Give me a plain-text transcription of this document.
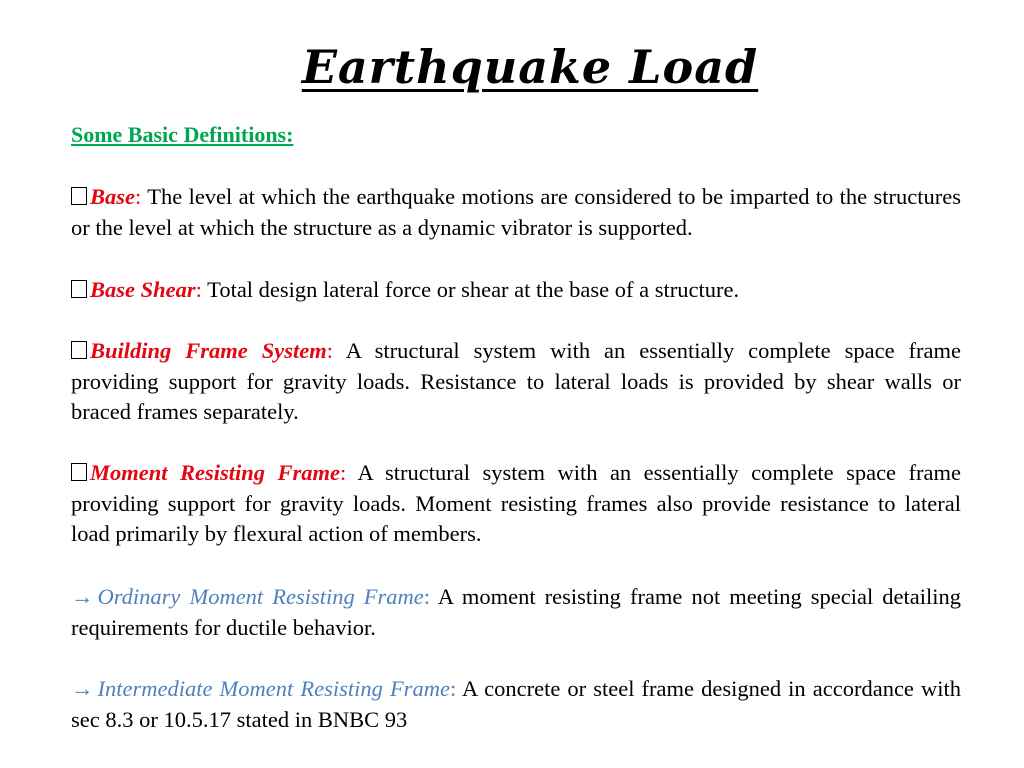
Earthquake Load
Some Basic Definitions:
Base: The level at which the earthquake motions are considered to be imparted to the structures or the level at which the structure as a dynamic vibrator is supported.
Base Shear: Total design lateral force or shear at the base of a structure.
Building Frame System: A structural system with an essentially complete space frame providing support for gravity loads. Resistance to lateral loads is provided by shear walls or braced frames separately.
Moment Resisting Frame: A structural system with an essentially complete space frame providing support for gravity loads. Moment resisting frames also provide resistance to lateral load primarily by flexural action of members.
→ Ordinary Moment Resisting Frame: A moment resisting frame not meeting special detailing requirements for ductile behavior.
→ Intermediate Moment Resisting Frame: A concrete or steel frame designed in accordance with sec 8.3 or 10.5.17 stated in BNBC 93
